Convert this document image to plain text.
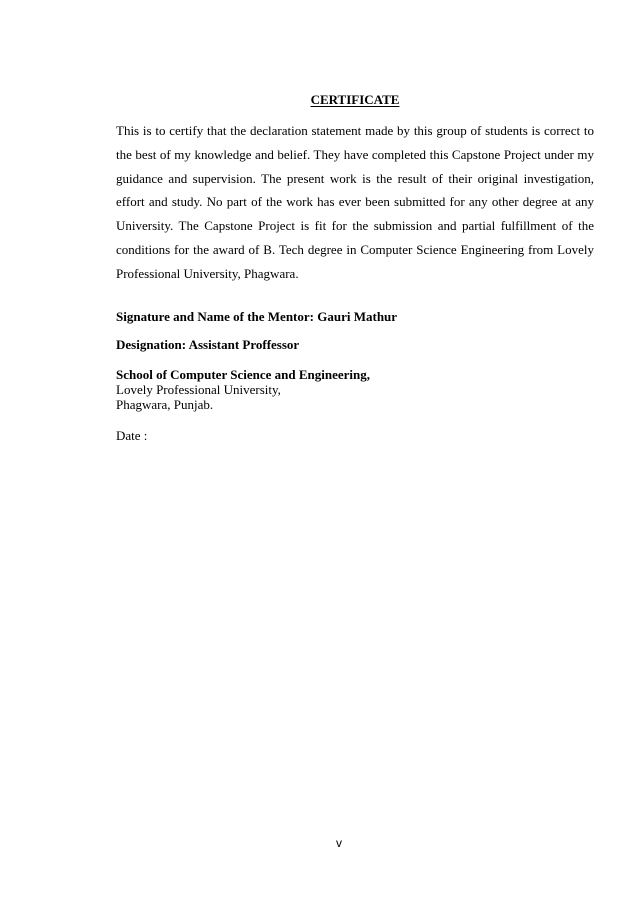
CERTIFICATE

This is to certify that the declaration statement made by this group of students is correct to the best of my knowledge and belief. They have completed this Capstone Project under my guidance and supervision. The present work is the result of their original investigation, effort and study. No part of the work has ever been submitted for any other degree at any University. The Capstone Project is fit for the submission and partial fulfillment of the conditions for the award of B. Tech degree in Computer Science Engineering from Lovely Professional University, Phagwara.

Signature and Name of the Mentor: Gauri Mathur
Designation: Assistant Proffessor
School of Computer Science and Engineering,
Lovely Professional University,
Phagwara, Punjab.
Date :
v
